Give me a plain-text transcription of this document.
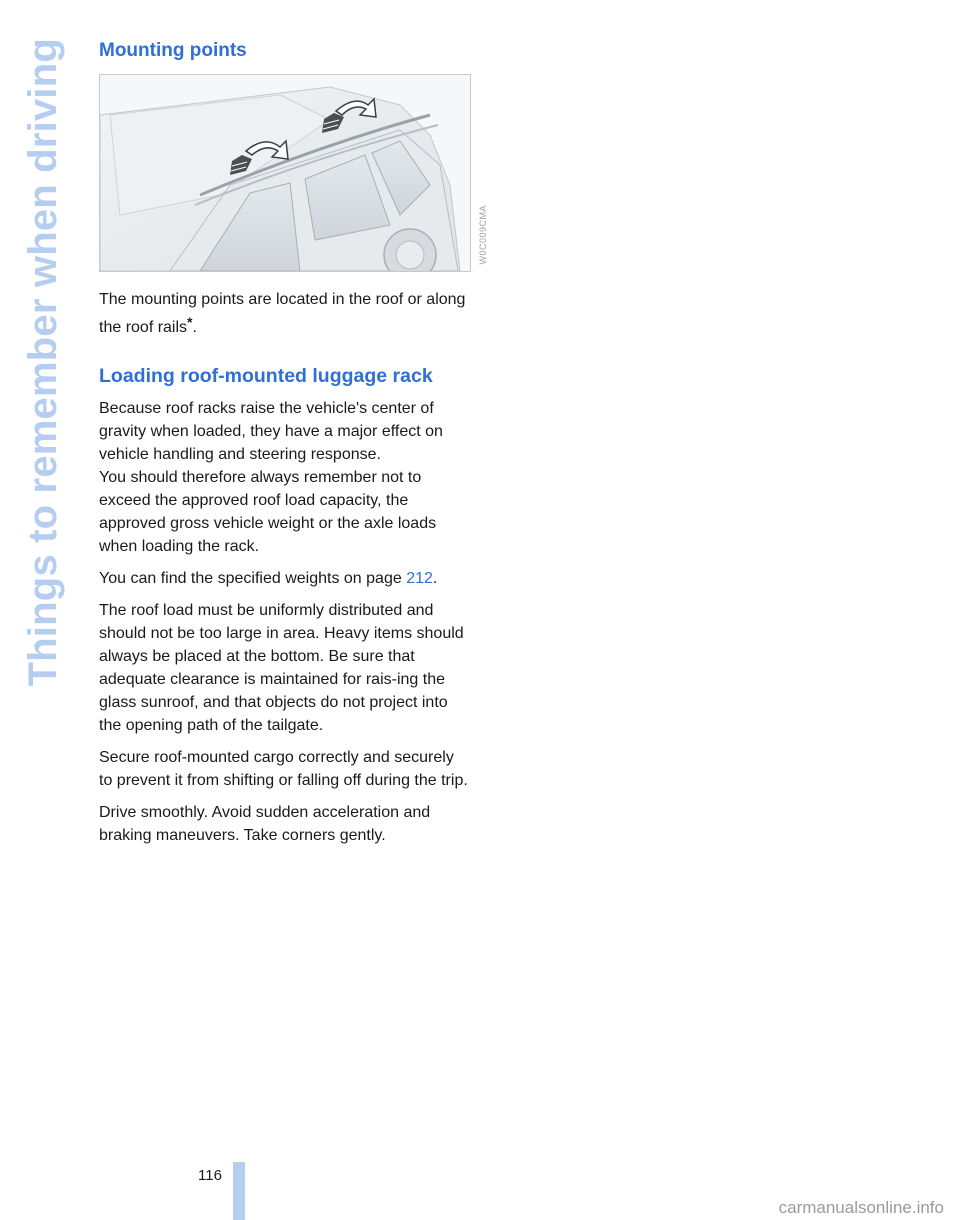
Things to remember when driving Mounting points

The mounting points are located in the roof or along the roof rails*.

Loading roof-mounted luggage rack

Because roof racks raise the vehicle's center of gravity when loaded, they have a major effect on vehicle handling and steering response.

You should therefore always remember not to exceed the approved roof load capacity, the approved gross vehicle weight or the axle loads when loading the rack.

You can find the specified weights on page 212.

The roof load must be uniformly distributed and should not be too large in area. Heavy items should always be placed at the bottom. Be sure that adequate clearance is maintained for rais-ing the glass sunroof, and that objects do not project into the opening path of the tailgate.

Secure roof-mounted cargo correctly and securely to prevent it from shifting or falling off during the trip.

Drive smoothly. Avoid sudden acceleration and braking maneuvers. Take corners gently.

W0C009CMA
116
carmanualsonline.info
